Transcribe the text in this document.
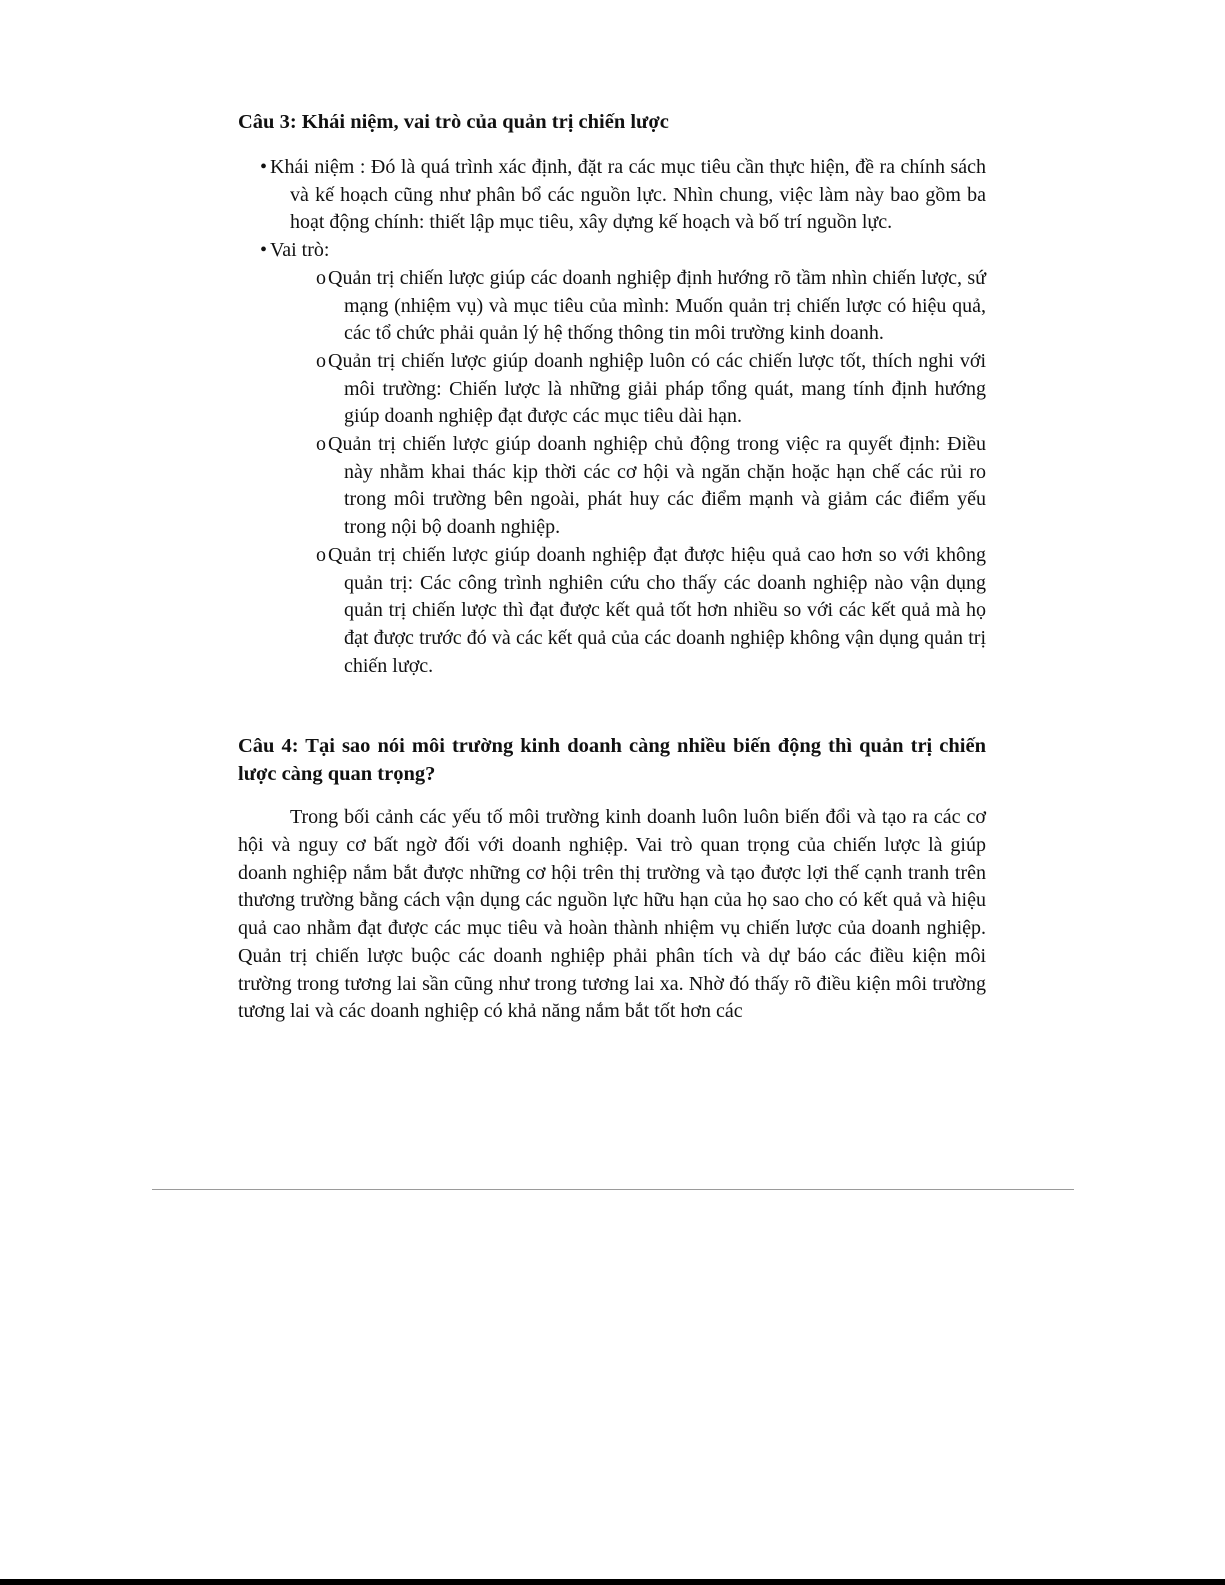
Câu 3: Khái niệm, vai trò của quản trị chiến lược
• Khái niệm : Đó là quá trình xác định, đặt ra các mục tiêu cần thực hiện, đề ra chính sách và kế hoạch cũng như phân bổ các nguồn lực. Nhìn chung, việc làm này bao gồm ba hoạt động chính: thiết lập mục tiêu, xây dựng kế hoạch và bố trí nguồn lực.
• Vai trò:
o Quản trị chiến lược giúp các doanh nghiệp định hướng rõ tầm nhìn chiến lược, sứ mạng (nhiệm vụ) và mục tiêu của mình: Muốn quản trị chiến lược có hiệu quả, các tổ chức phải quản lý hệ thống thông tin môi trường kinh doanh.
o Quản trị chiến lược giúp doanh nghiệp luôn có các chiến lược tốt, thích nghi với môi trường: Chiến lược là những giải pháp tổng quát, mang tính định hướng giúp doanh nghiệp đạt được các mục tiêu dài hạn.
o Quản trị chiến lược giúp doanh nghiệp chủ động trong việc ra quyết định: Điều này nhằm khai thác kịp thời các cơ hội và ngăn chặn hoặc hạn chế các rủi ro trong môi trường bên ngoài, phát huy các điểm mạnh và giảm các điểm yếu trong nội bộ doanh nghiệp.
o Quản trị chiến lược giúp doanh nghiệp đạt được hiệu quả cao hơn so với không quản trị: Các công trình nghiên cứu cho thấy các doanh nghiệp nào vận dụng quản trị chiến lược thì đạt được kết quả tốt hơn nhiều so với các kết quả mà họ đạt được trước đó và các kết quả của các doanh nghiệp không vận dụng quản trị chiến lược.
Câu 4: Tại sao nói môi trường kinh doanh càng nhiều biến động thì quản trị chiến lược càng quan trọng?

Trong bối cảnh các yếu tố môi trường kinh doanh luôn luôn biến đổi và tạo ra các cơ hội và nguy cơ bất ngờ đối với doanh nghiệp. Vai trò quan trọng của chiến lược là giúp doanh nghiệp nắm bắt được những cơ hội trên thị trường và tạo được lợi thế cạnh tranh trên thương trường bằng cách vận dụng các nguồn lực hữu hạn của họ sao cho có kết quả và hiệu quả cao nhằm đạt được các mục tiêu và hoàn thành nhiệm vụ chiến lược của doanh nghiệp. Quản trị chiến lược buộc các doanh nghiệp phải phân tích và dự báo các điều kiện môi trường trong tương lai sần cũng như trong tương lai xa. Nhờ đó thấy rõ điều kiện môi trường tương lai và các doanh nghiệp có khả năng nắm bắt tốt hơn các
